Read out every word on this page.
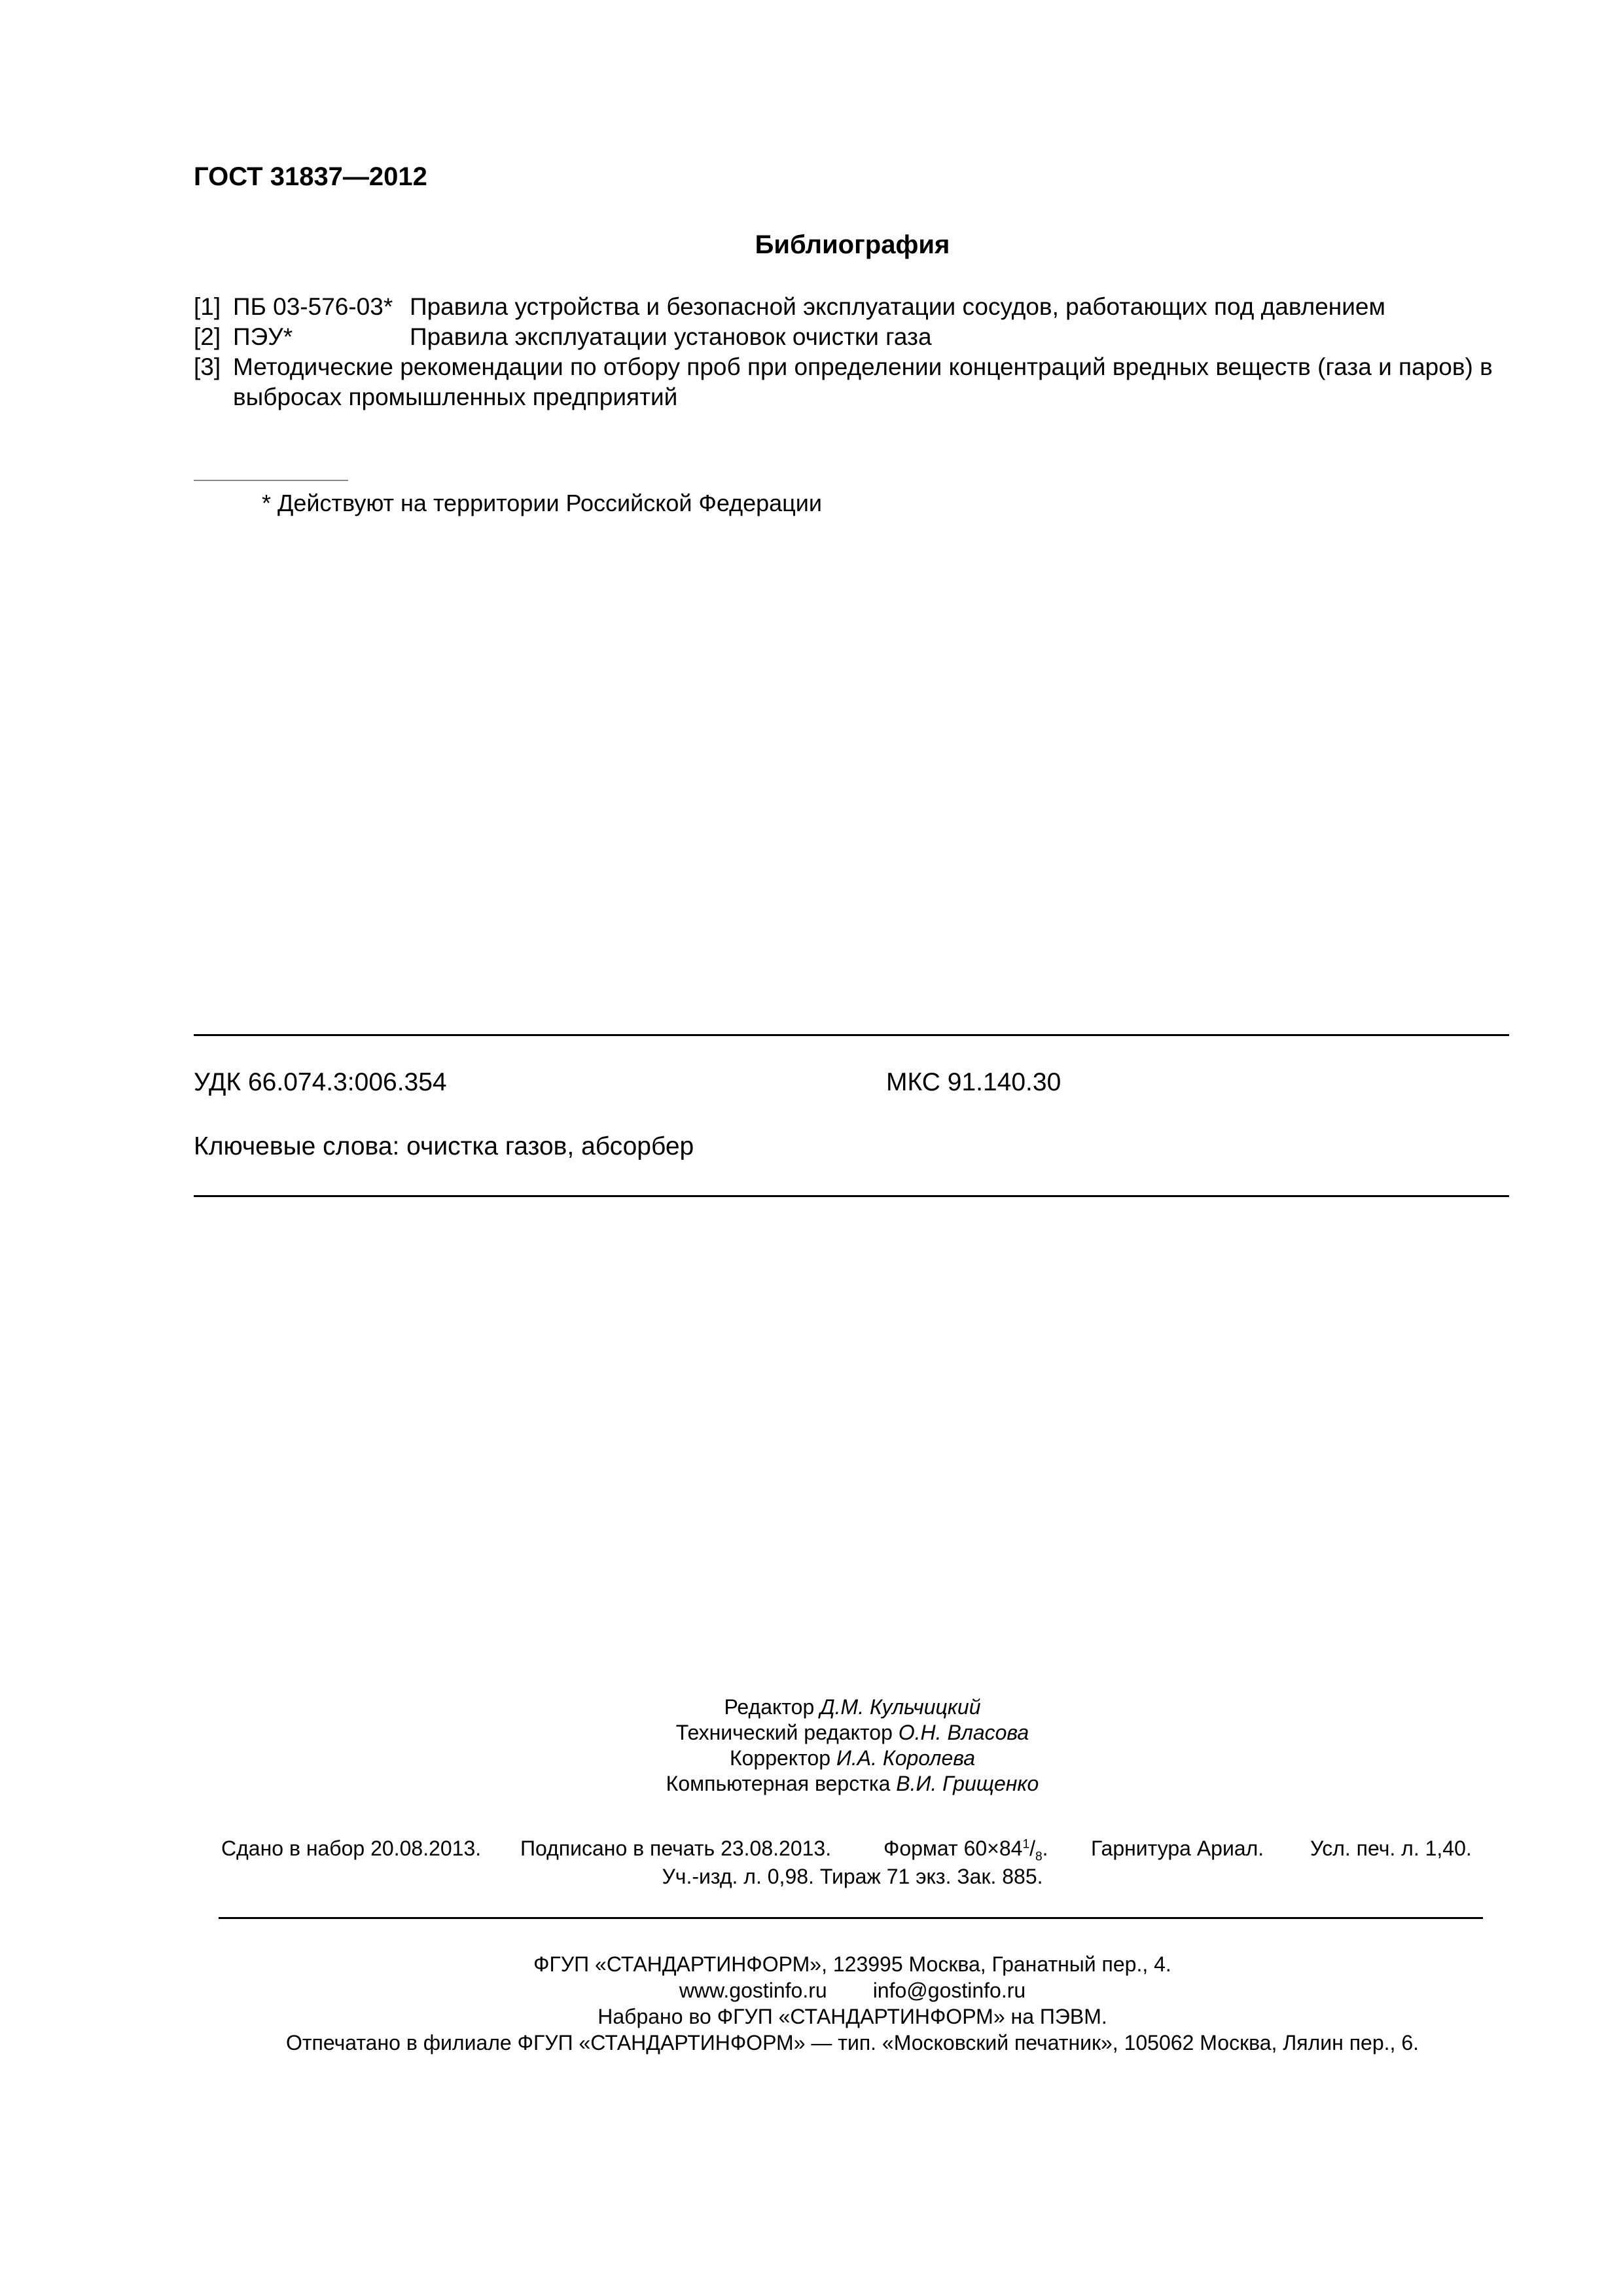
ГОСТ 31837—2012
Библиография
[1] ПБ 03-576-03* Правила устройства и безопасной эксплуатации сосудов, работающих под давлением
[2] ПЭУ*	Правила эксплуатации установок очистки газа
[3] Методические рекомендации по отбору проб при определении концентраций вредных веществ (газа и паров) в выбросах промышленных предприятий
* Действуют на территории Российской Федерации
УДК 66.074.3:006.354	МКС 91.140.30
Ключевые слова: очистка газов, абсорбер
Редактор Д.М. Кульчицкий
Технический редактор О.Н. Власова
Корректор И.А. Королева
Компьютерная верстка В.И. Грищенко
Сдано в набор 20.08.2013. Подписано в печать 23.08.2013. Формат $60\times 84^1/_8$. Гарнитура Ариал. Усл. печ. л. 1,40.
Уч.-изд. л. 0,98. Тираж 71 экз. Зак. 885.
ФГУП «СТАНДАРТИНФОРМ», 123995 Москва, Гранатный пер., 4.
www.gostinfo.ru info@gostinfo.ru
Набрано во ФГУП «СТАНДАРТИНФОРМ» на ПЭВМ.
Отпечатано в филиале ФГУП «СТАНДАРТИНФОРМ» — тип. «Московский печатник», 105062 Москва, Лялин пер., 6.
